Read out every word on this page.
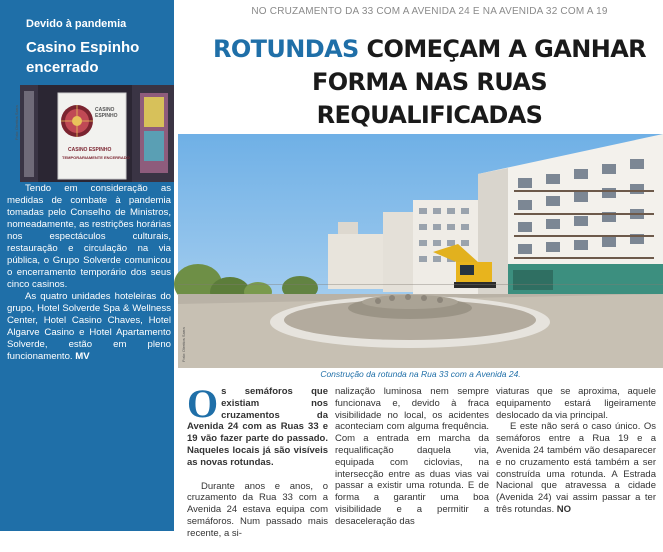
Devido à pandemia
Casino Espinho encerrado
CASINO
ESPINHO
CASINO ESPINHO
TEMPORARIAMENTE ENCERRADO

Tendo em consideração as medidas de combate à pandemia tomadas pelo Conselho de Ministros, nomeadamente, as restrições horárias nos espectáculos culturais, restauração e circulação na via pública, o Grupo Solverde comunicou o encerramento temporário dos seus cinco casinos.

As quatro unidades hoteleiras do grupo, Hotel Solverde Spa & Wellness Center, Hotel Casino Chaves, Hotel Algarve Casino e Hotel Apartamento Solverde, estão em pleno funcionamento. MV

Foto: Direitos Sarra
NO CRUZAMENTO DA 33 COM A AVENIDA 24 E NA AVENIDA 32 COM A 19
ROTUNDAS COMEÇAM A GANHAR FORMA NAS RUAS REQUALIFICADAS
Foto: Direitos Sarra
Construção da rotunda na Rua 33 com a Avenida 24.

Os semáforos que existiam nos cruzamentos da Avenida 24 com as Ruas 33 e 19 vão fazer parte do passado. Naqueles locais já são visíveis as novas rotundas.

Durante anos e anos, o cruzamento da Rua 33 com a Avenida 24 estava equipa com semáforos. Num passado mais recente, a si-

nalização luminosa nem sempre funcionava e, devido à fraca visibilidade no local, os acidentes aconteciam com alguma frequência. Com a entrada em marcha da requalificação daquela via, equipada com ciclovias, na intersecção entre as duas vias vai passar a existir uma rotunda. E de forma a garantir uma boa visibilidade e a permitir a desaceleração das

viaturas que se aproxima, aquele equipamento estará ligeiramente deslocado da via principal.

E este não será o caso único. Os semáforos entre a Rua 19 e a Avenida 24 também vão desaparecer e no cruzamento está também a ser construída uma rotunda. A Estrada Nacional que atravessa a cidade (Avenida 24) vai assim passar a ter três rotundas. NO
